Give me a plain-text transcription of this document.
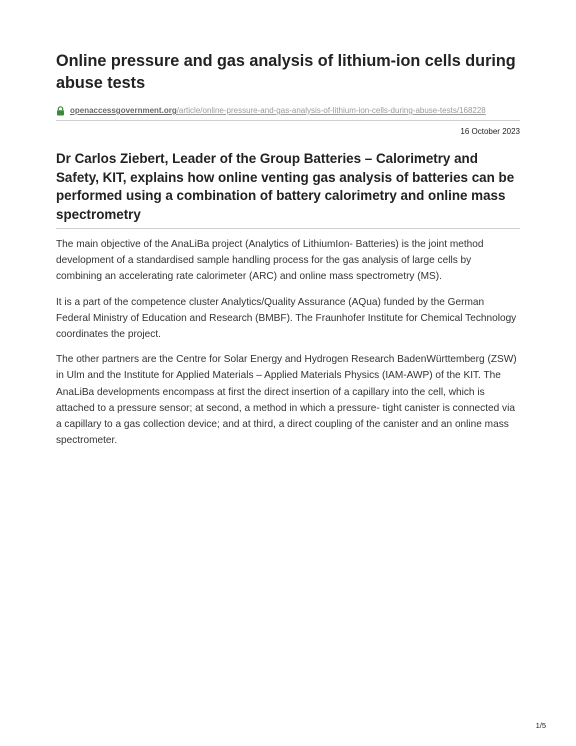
Online pressure and gas analysis of lithium-ion cells during abuse tests
openaccessgovernment.org /article/online-pressure-and-gas-analysis-of-lithium-ion-cells-during-abuse-tests/168228
16 October 2023
Dr Carlos Ziebert, Leader of the Group Batteries – Calorimetry and Safety, KIT, explains how online venting gas analysis of batteries can be performed using a combination of battery calorimetry and online mass spectrometry

The main objective of the AnaLiBa project (Analytics of LithiumIon- Batteries) is the joint method development of a standardised sample handling process for the gas analysis of large cells by combining an accelerating rate calorimeter (ARC) and online mass spectrometry (MS).

It is a part of the competence cluster Analytics/Quality Assurance (AQua) funded by the German Federal Ministry of Education and Research (BMBF). The Fraunhofer Institute for Chemical Technology coordinates the project.

The other partners are the Centre for Solar Energy and Hydrogen Research BadenWürttemberg (ZSW) in Ulm and the Institute for Applied Materials – Applied Materials Physics (IAM-AWP) of the KIT. The AnaLiBa developments encompass at first the direct insertion of a capillary into the cell, which is attached to a pressure sensor; at second, a method in which a pressure- tight canister is connected via a capillary to a gas collection device; and at third, a direct coupling of the canister and an online mass spectrometer.

1/5
